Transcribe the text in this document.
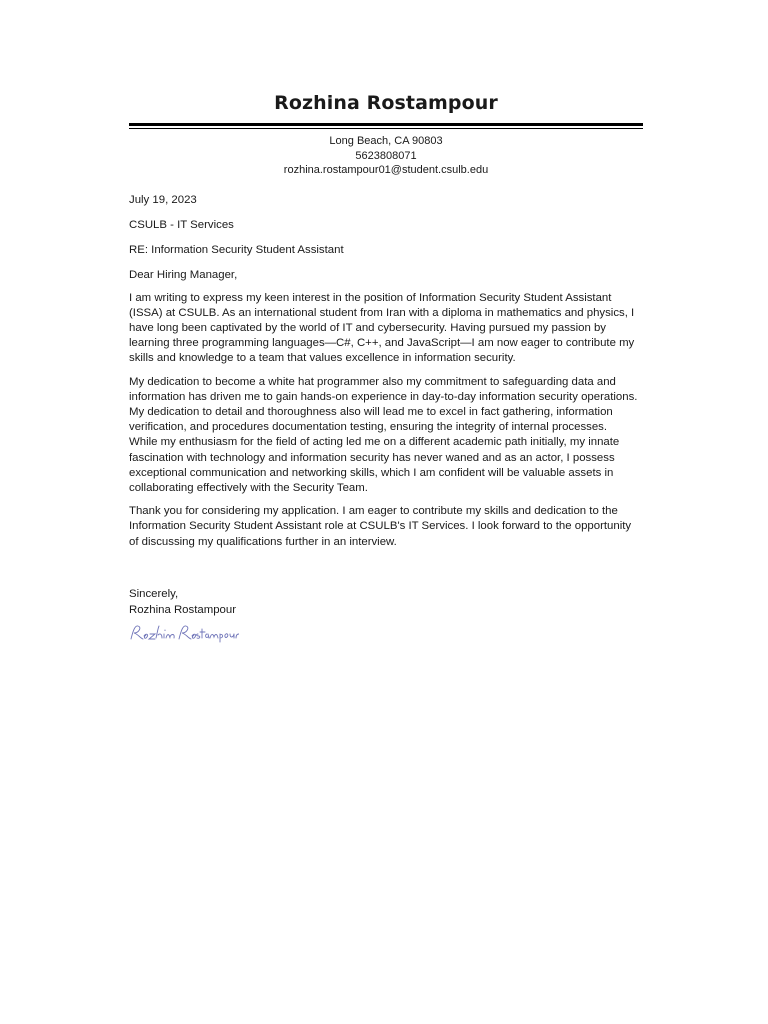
Rozhina Rostampour
Long Beach, CA 90803
5623808071
rozhina.rostampour01@student.csulb.edu

July 19, 2023

CSULB - IT Services

RE: Information Security Student Assistant

Dear Hiring Manager,

I am writing to express my keen interest in the position of Information Security Student Assistant (ISSA) at CSULB. As an international student from Iran with a diploma in mathematics and physics, I have long been captivated by the world of IT and cybersecurity. Having pursued my passion by learning three programming languages—C#, C++, and JavaScript—I am now eager to contribute my skills and knowledge to a team that values excellence in information security.

My dedication to become a white hat programmer also my commitment to safeguarding data and information has driven me to gain hands-on experience in day-to-day information security operations. My dedication to detail and thoroughness also will lead me to excel in fact gathering, information verification, and procedures documentation testing, ensuring the integrity of internal processes.

While my enthusiasm for the field of acting led me on a different academic path initially, my innate fascination with technology and information security has never waned and as an actor, I possess exceptional communication and networking skills, which I am confident will be valuable assets in collaborating effectively with the Security Team.

Thank you for considering my application. I am eager to contribute my skills and dedication to the Information Security Student Assistant role at CSULB's IT Services. I look forward to the opportunity of discussing my qualifications further in an interview.

Sincerely,

Rozhina Rostampour
